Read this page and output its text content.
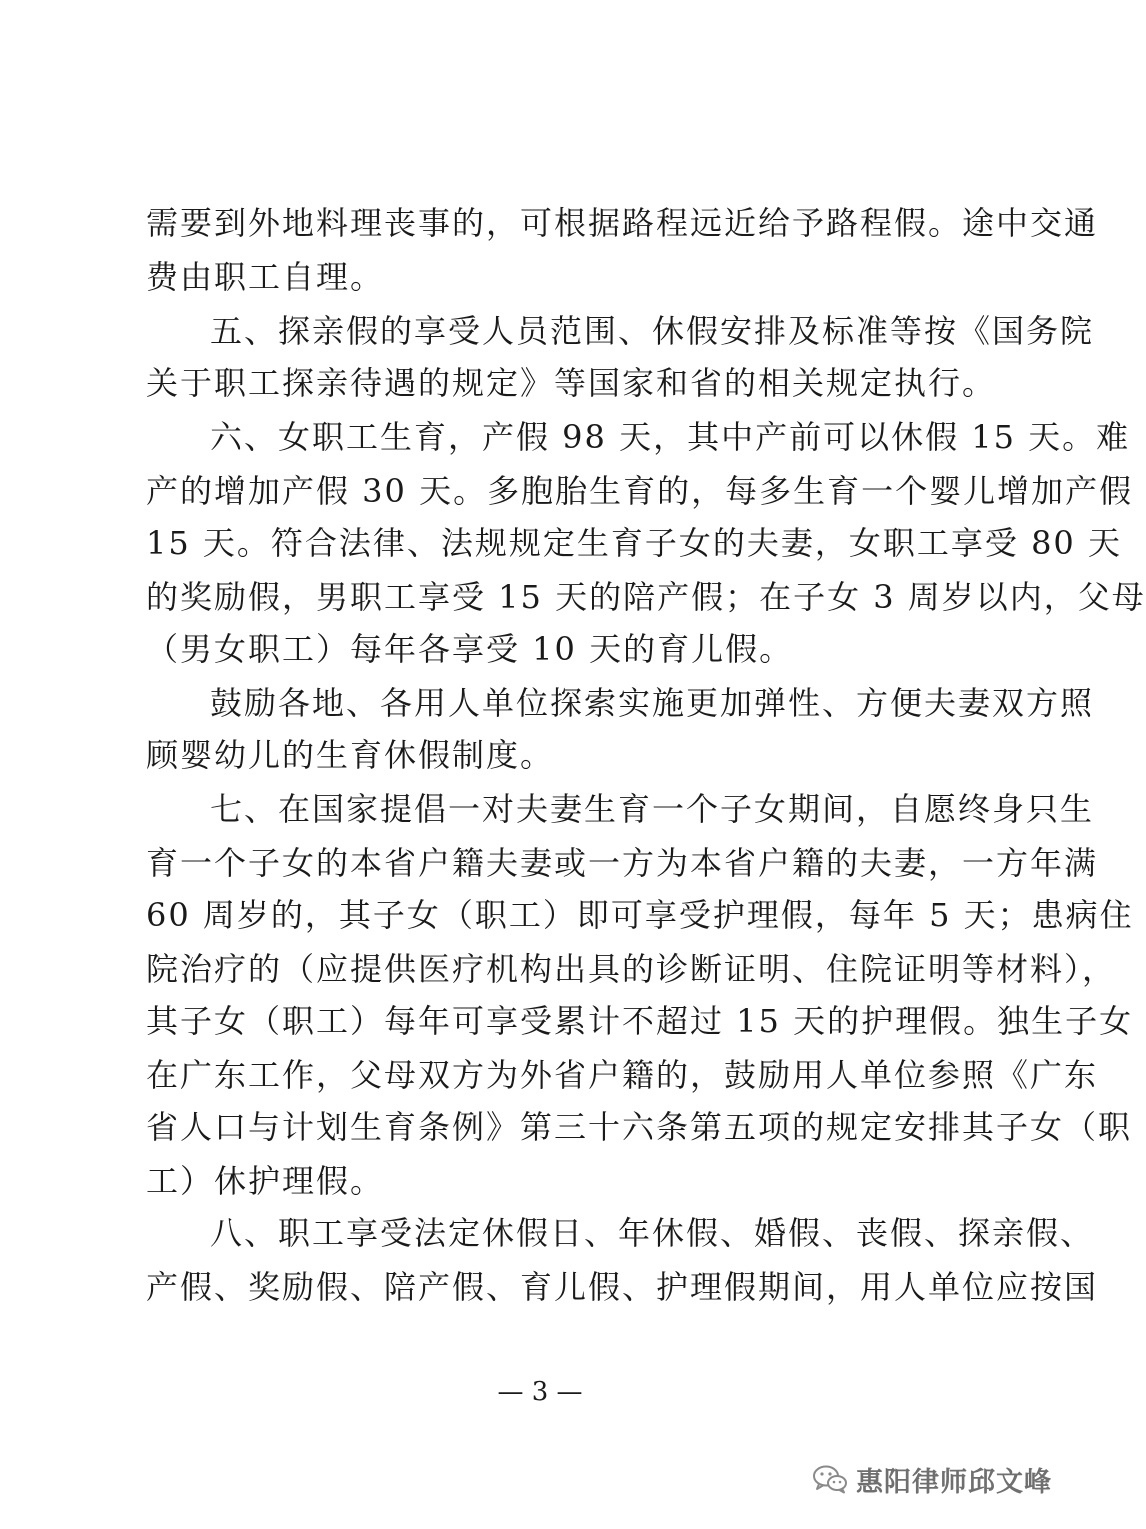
需要到外地料理丧事的，可根据路程远近给予路程假。途中交通
费由职工自理。
五、探亲假的享受人员范围、休假安排及标准等按《国务院
关于职工探亲待遇的规定》等国家和省的相关规定执行。
六、女职工生育，产假 98 天，其中产前可以休假 15 天。难
产的增加产假 30 天。多胞胎生育的，每多生育一个婴儿增加产假
15 天。符合法律、法规规定生育子女的夫妻，女职工享受 80 天
的奖励假，男职工享受 15 天的陪产假；在子女 3 周岁以内，父母
（男女职工）每年各享受 10 天的育儿假。
鼓励各地、各用人单位探索实施更加弹性、方便夫妻双方照
顾婴幼儿的生育休假制度。
七、在国家提倡一对夫妻生育一个子女期间，自愿终身只生
育一个子女的本省户籍夫妻或一方为本省户籍的夫妻，一方年满
60 周岁的，其子女（职工）即可享受护理假，每年 5 天；患病住
院治疗的（应提供医疗机构出具的诊断证明、住院证明等材料），
其子女（职工）每年可享受累计不超过 15 天的护理假。独生子女
在广东工作，父母双方为外省户籍的，鼓励用人单位参照《广东
省人口与计划生育条例》第三十六条第五项的规定安排其子女（职
工）休护理假。
八、职工享受法定休假日、年休假、婚假、丧假、探亲假、
产假、奖励假、陪产假、育儿假、护理假期间，用人单位应按国
— 3 —
惠阳律师邱文峰
